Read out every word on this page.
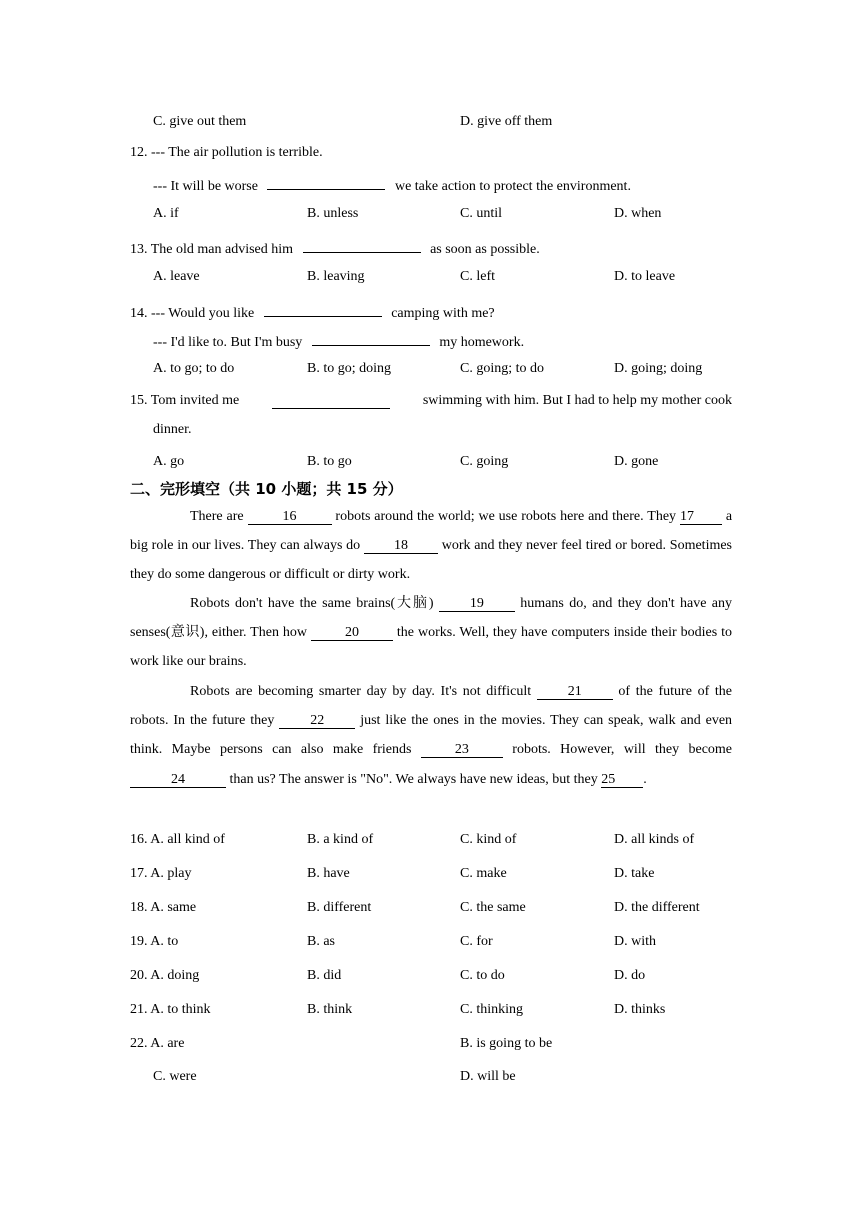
C. give out them	D. give off them
12. --- The air pollution is terrible.
--- It will be worse	we take action to protect the environment.
A. if	B. unless	C. until	D. when
13. The old man advised him	as soon as possible.
A. leave	B. leaving	C. left	D. to leave
14. --- Would you like	camping with me?
--- I'd like to. But I'm busy	my homework.
A. to go; to do	B. to go; doing	C. going; to do	D. going; doing
15. Tom invited me	swimming with him. But I had to help my mother cook
dinner.
A. go	B. to go	C. going	D. gone
二、完形填空（共 10 小题；共 15 分）
There are	16	robots around the world; we use robots here and there. They 17 a big role in our lives. They can always do 18 work and they never feel tired or bored. Sometimes they do some dangerous or difficult or dirty work.
Robots don't have the same brains(大脑)	19	humans do, and they don't have any senses(意识), either. Then how	20	the works. Well, they have computers inside their bodies to work like our brains.
Robots are becoming smarter day by day. It's not difficult	21	of the future of the robots. In the future they	22	just like the ones in the movies. They can speak, walk and even think. Maybe persons can also make friends	23	robots. However, will they become 24	than us? The answer is "No". We always have new ideas, but they 25 .
16. A. all kind of	B. a kind of	C. kind of	D. all kinds of
17. A. play	B. have	C. make	D. take
18. A. same	B. different	C. the same	D. the different
19. A. to	B. as	C. for	D. with
20. A. doing	B. did	C. to do	D. do
21. A. to think	B. think	C. thinking	D. thinks
22. A. are	B. is going to be
C. were	D. will be
